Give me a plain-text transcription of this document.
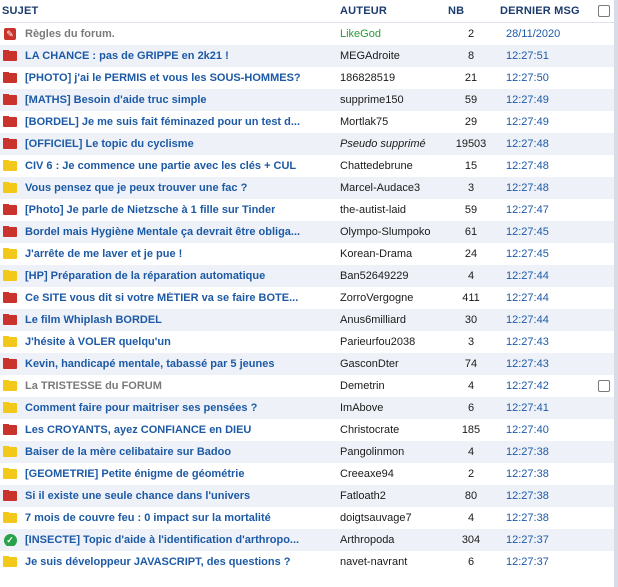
SUJET	AUTEUR	NB	DERNIER MSG
✎ Règles du forum.	LikeGod	2	28/11/2020
LA CHANCE : pas de GRIPPE en 2k21 !	MEGAdroite	8	12:27:51
[PHOTO] j'ai le PERMIS et vous les SOUS-HOMMES?	186828519	21	12:27:50
[MATHS] Besoin d'aide truc simple	supprime150	59	12:27:49
[BORDEL] Je me suis fait féminazed pour un test d...	Mortlak75	29	12:27:49
[OFFICIEL] Le topic du cyclisme	Pseudo supprimé	19503	12:27:48
CIV 6 : Je commence une partie avec les clés + CUL	Chattedebrune	15	12:27:48
Vous pensez que je peux trouver une fac ?	Marcel-Audace3	3	12:27:48
[Photo] Je parle de Nietzsche à 1 fille sur Tinder	the-autist-laid	59	12:27:47
Bordel mais Hygiène Mentale ça devrait être obliga...	Olympo-Slumpoko	61	12:27:45
J'arrête de me laver et je pue !	Korean-Drama	24	12:27:45
[HP] Préparation de la réparation automatique	Ban52649229	4	12:27:44
Ce SITE vous dit si votre MÉTIER va se faire BOTE...	ZorroVergogne	411	12:27:44
Le film Whiplash BORDEL	Anus6milliard	30	12:27:44
J'hésite à VOLER quelqu'un	Parieurfou2038	3	12:27:43
Kevin, handicapé mentale, tabassé par 5 jeunes	GasconDter	74	12:27:43
La TRISTESSE du FORUM	Demetrin	4	12:27:42
Comment faire pour maitriser ses pensées ?	ImAbove	6	12:27:41
Les CROYANTS, ayez CONFIANCE en DIEU	Christocrate	185	12:27:40
Baiser de la mère celibataire sur Badoo	Pangolinmon	4	12:27:38
[GEOMETRIE] Petite énigme de géométrie	Creeaxe94	2	12:27:38
Si il existe une seule chance dans l'univers	Fatloath2	80	12:27:38
7 mois de couvre feu : 0 impact sur la mortalité	doigtsauvage7	4	12:27:38
✓ [INSECTE] Topic d'aide à l'identification d'arthropo...	Arthropoda	304	12:27:37
Je suis développeur JAVASCRIPT, des questions ?	navet-navrant	6	12:27:37
